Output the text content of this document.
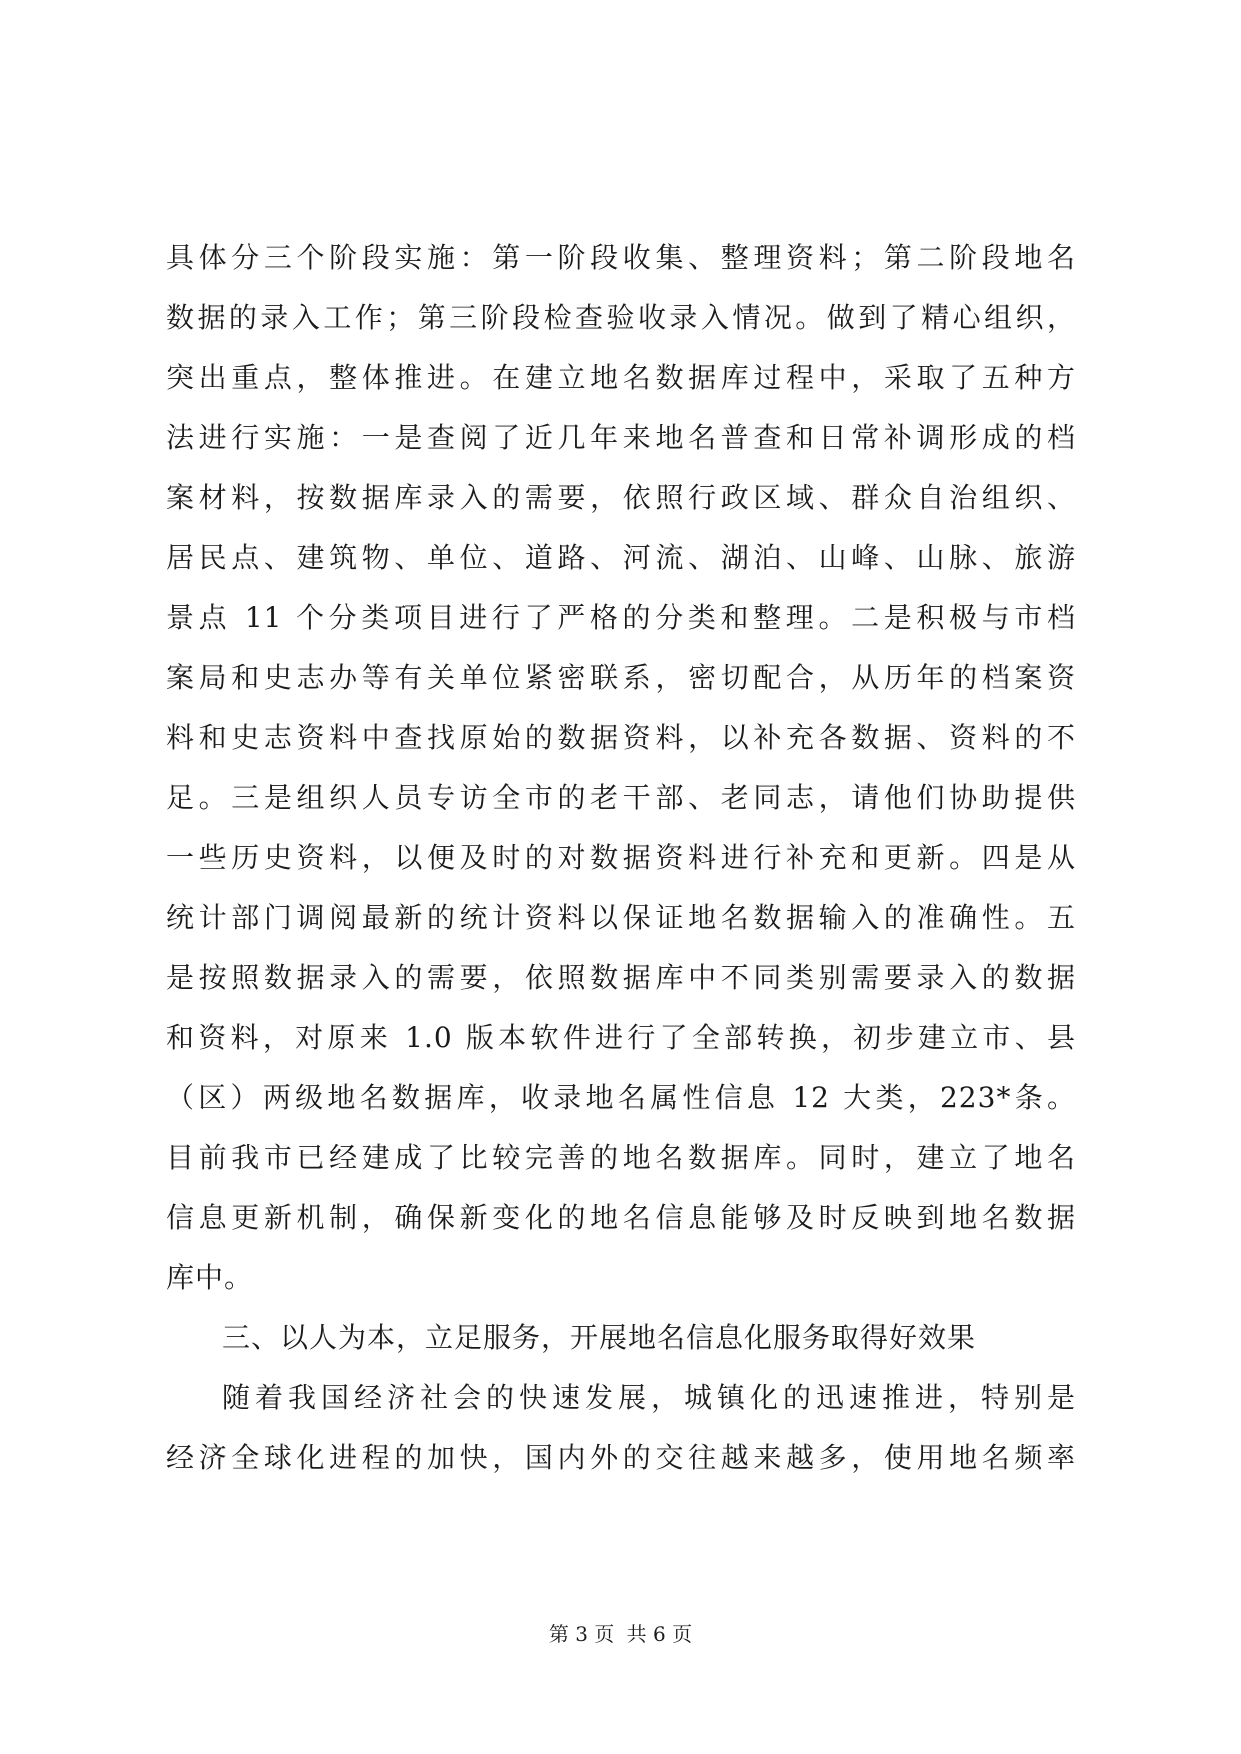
具体分三个阶段实施：第一阶段收集、整理资料；第二阶段地名
数据的录入工作；第三阶段检查验收录入情况。做到了精心组织，
突出重点，整体推进。在建立地名数据库过程中，采取了五种方
法进行实施：一是查阅了近几年来地名普查和日常补调形成的档
案材料，按数据库录入的需要，依照行政区域、群众自治组织、
居民点、建筑物、单位、道路、河流、湖泊、山峰、山脉、旅游
景点 11 个分类项目进行了严格的分类和整理。二是积极与市档
案局和史志办等有关单位紧密联系，密切配合，从历年的档案资
料和史志资料中查找原始的数据资料，以补充各数据、资料的不
足。三是组织人员专访全市的老干部、老同志，请他们协助提供
一些历史资料，以便及时的对数据资料进行补充和更新。四是从
统计部门调阅最新的统计资料以保证地名数据输入的准确性。五
是按照数据录入的需要，依照数据库中不同类别需要录入的数据
和资料，对原来 1.0 版本软件进行了全部转换，初步建立市、县
（区）两级地名数据库，收录地名属性信息 12 大类，223*条。
目前我市已经建成了比较完善的地名数据库。同时，建立了地名
信息更新机制，确保新变化的地名信息能够及时反映到地名数据
库中。
三、以人为本，立足服务，开展地名信息化服务取得好效果
随着我国经济社会的快速发展，城镇化的迅速推进，特别是
经济全球化进程的加快，国内外的交往越来越多，使用地名频率
第 3 页 共 6 页
